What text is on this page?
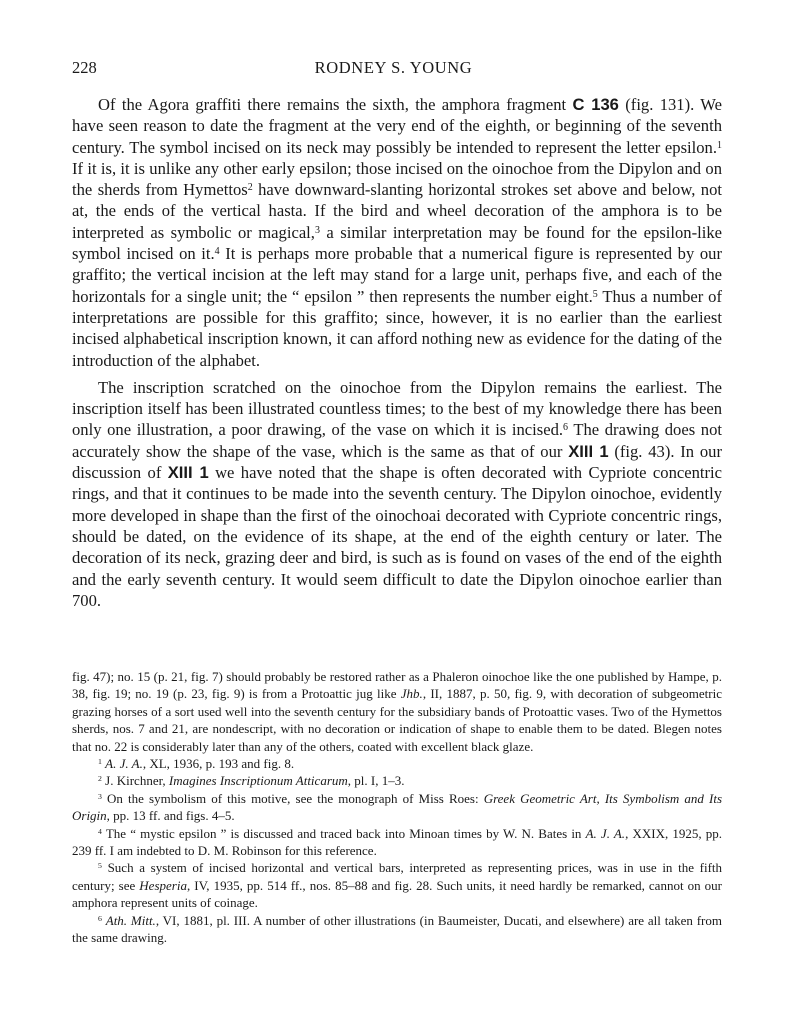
228	RODNEY S. YOUNG

Of the Agora graffiti there remains the sixth, the amphora fragment C 136 (fig. 131). We have seen reason to date the fragment at the very end of the eighth, or beginning of the seventh century. The symbol incised on its neck may possibly be intended to represent the letter epsilon.$^1$ If it is, it is unlike any other early epsilon; those incised on the oinochoe from the Dipylon and on the sherds from Hymettos$^2$ have downward-slanting horizontal strokes set above and below, not at, the ends of the vertical hasta. If the bird and wheel decoration of the amphora is to be interpreted as symbolic or magical,$^3$ a similar interpretation may be found for the epsilon-like symbol incised on it.$^4$ It is perhaps more probable that a numerical figure is represented by our graffito; the vertical incision at the left may stand for a large unit, perhaps five, and each of the horizontals for a single unit; the “ epsilon ” then represents the number eight.$^5$ Thus a number of interpretations are possible for this graffito; since, however, it is no earlier than the earliest incised alphabetical inscription known, it can afford nothing new as evidence for the dating of the introduction of the alphabet.

The inscription scratched on the oinochoe from the Dipylon remains the earliest. The inscription itself has been illustrated countless times; to the best of my knowledge there has been only one illustration, a poor drawing, of the vase on which it is incised.$^6$ The drawing does not accurately show the shape of the vase, which is the same as that of our XIII 1 (fig. 43). In our discussion of XIII 1 we have noted that the shape is often decorated with Cypriote concentric rings, and that it continues to be made into the seventh century. The Dipylon oinochoe, evidently more developed in shape than the first of the oinochoai decorated with Cypriote concentric rings, should be dated, on the evidence of its shape, at the end of the eighth century or later. The decoration of its neck, grazing deer and bird, is such as is found on vases of the end of the eighth and the early seventh century. It would seem difficult to date the Dipylon oinochoe earlier than 700.

fig. 47); no. 15 (p. 21, fig. 7) should probably be restored rather as a Phaleron oinochoe like the one published by Hampe, p. 38, fig. 19; no. 19 (p. 23, fig. 9) is from a Protoattic jug like Jhb., II, 1887, p. 50, fig. 9, with decoration of subgeometric grazing horses of a sort used well into the seventh century for the subsidiary bands of Protoattic vases. Two of the Hymettos sherds, nos. 7 and 21, are nondescript, with no decoration or indication of shape to enable them to be dated. Blegen notes that no. 22 is considerably later than any of the others, coated with excellent black glaze.

$^1$ A. J. A., XL, 1936, p. 193 and fig. 8.

$^2$ J. Kirchner, Imagines Inscriptionum Atticarum, pl. I, 1–3.

$^3$ On the symbolism of this motive, see the monograph of Miss Roes: Greek Geometric Art, Its Symbolism and Its Origin, pp. 13 ff. and figs. 4–5.

$^4$ The “ mystic epsilon ” is discussed and traced back into Minoan times by W. N. Bates in A. J. A., XXIX, 1925, pp. 239 ff. I am indebted to D. M. Robinson for this reference.

$^5$ Such a system of incised horizontal and vertical bars, interpreted as representing prices, was in use in the fifth century; see Hesperia, IV, 1935, pp. 514 ff., nos. 85–88 and fig. 28. Such units, it need hardly be remarked, cannot on our amphora represent units of coinage.

$^6$ Ath. Mitt., VI, 1881, pl. III. A number of other illustrations (in Baumeister, Ducati, and elsewhere) are all taken from the same drawing.
